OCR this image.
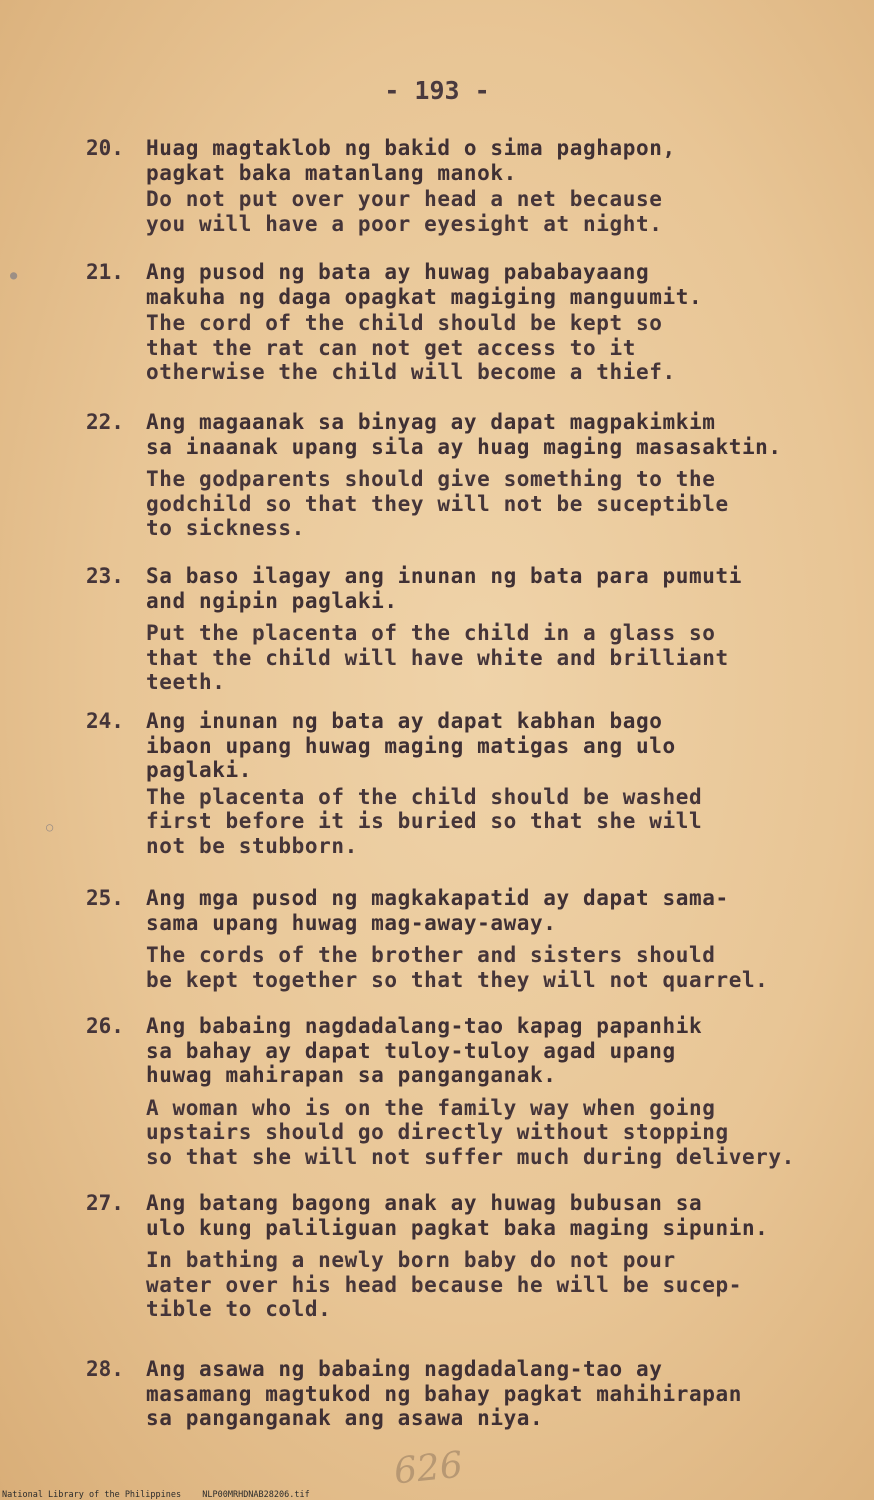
- 193 -
20.	Huag magtaklob ng bakid o sima paghapon,
pagkat baka matanlang manok.

Do not put over your head a net because
you will have a poor eyesight at night.

21.	Ang pusod ng bata ay huwag pababayaang
makuha ng daga opagkat magiging manguumit.

The cord of the child should be kept so
that the rat can not get access to it
otherwise the child will become a thief.

22.	Ang magaanak sa binyag ay dapat magpakimkim
sa inaanak upang sila ay huag maging masasaktin.

The godparents should give something to the
godchild so that they will not be suceptible
to sickness.

23.	Sa baso ilagay ang inunan ng bata para pumuti
and ngipin paglaki.

Put the placenta of the child in a glass so
that the child will have white and brilliant
teeth.

24.	Ang inunan ng bata ay dapat kabhan bago
ibaon upang huwag maging matigas ang ulo
paglaki.

The placenta of the child should be washed
first before it is buried so that she will
not be stubborn.

25.	Ang mga pusod ng magkakapatid ay dapat sama-
sama upang huwag mag-away-away.

The cords of the brother and sisters should
be kept together so that they will not quarrel.

26.	Ang babaing nagdadalang-tao kapag papanhik
sa bahay ay dapat tuloy-tuloy agad upang
huwag mahirapan sa panganganak.

A woman who is on the family way when going
upstairs should go directly without stopping
so that she will not suffer much during delivery.

27.	Ang batang bagong anak ay huwag bubusan sa
ulo kung paliliguan pagkat baka maging sipunin.

In bathing a newly born baby do not pour
water over his head because he will be sucep-
tible to cold.

28.	Ang asawa ng babaing nagdadalang-tao ay
masamang magtukod ng bahay pagkat mahihirapan
sa panganganak ang asawa niya.

●
○
626
National Library of the Philippines NLP00MRHDNAB28206.tif
